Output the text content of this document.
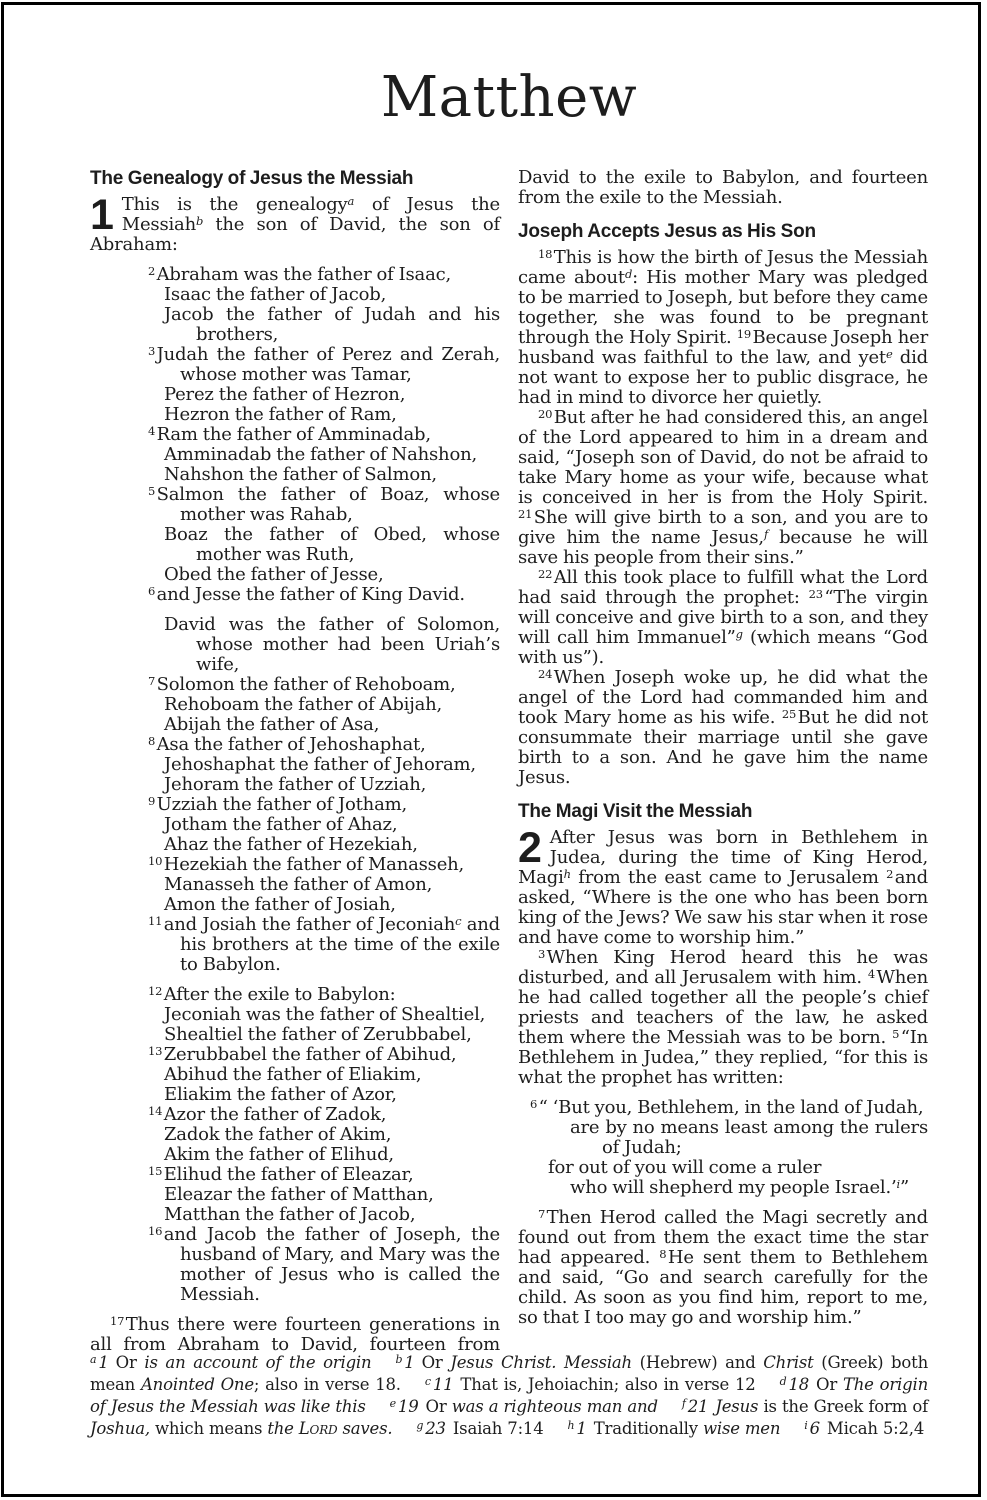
Matthew
The Genealogy of Jesus the Messiah

1 This is the genealogy$^a$ of Jesus the Messiah$^b$ the son of David, the son of Abraham:

$^2$Abraham was the father of Isaac,
Isaac the father of Jacob,
Jacob the father of Judah and his brothers,
$^3$Judah the father of Perez and Zerah, whose mother was Tamar,
Perez the father of Hezron,
Hezron the father of Ram,
$^4$Ram the father of Amminadab,
Amminadab the father of Nahshon,
Nahshon the father of Salmon,
$^5$Salmon the father of Boaz, whose mother was Rahab,
Boaz the father of Obed, whose mother was Ruth,
Obed the father of Jesse,
$^6$and Jesse the father of King David.
David was the father of Solomon, whose mother had been Uriah’s wife,
$^7$Solomon the father of Rehoboam,
Rehoboam the father of Abijah,
Abijah the father of Asa,
$^8$Asa the father of Jehoshaphat,
Jehoshaphat the father of Jehoram,
Jehoram the father of Uzziah,
$^9$Uzziah the father of Jotham,
Jotham the father of Ahaz,
Ahaz the father of Hezekiah,
$^{10}$Hezekiah the father of Manasseh,
Manasseh the father of Amon,
Amon the father of Josiah,
$^{11}$and Josiah the father of Jeconiah$^c$ and his brothers at the time of the exile to Babylon.
$^{12}$After the exile to Babylon:
Jeconiah was the father of Shealtiel,
Shealtiel the father of Zerubbabel,
$^{13}$Zerubbabel the father of Abihud,
Abihud the father of Eliakim,
Eliakim the father of Azor,
$^{14}$Azor the father of Zadok,
Zadok the father of Akim,
Akim the father of Elihud,
$^{15}$Elihud the father of Eleazar,
Eleazar the father of Matthan,
Matthan the father of Jacob,
$^{16}$and Jacob the father of Joseph, the husband of Mary, and Mary was the mother of Jesus who is called the Messiah.

$^{17}$Thus there were fourteen generations in all from Abraham to David, fourteen from

David to the exile to Babylon, and fourteen from the exile to the Messiah.

Joseph Accepts Jesus as His Son

$^{18}$This is how the birth of Jesus the Messiah came about$^d$: His mother Mary was pledged to be married to Joseph, but before they came together, she was found to be pregnant through the Holy Spirit. $^{19}$Because Joseph her husband was faithful to the law, and yet$^e$ did not want to expose her to public disgrace, he had in mind to divorce her quietly.

$^{20}$But after he had considered this, an angel of the Lord appeared to him in a dream and said, “Joseph son of David, do not be afraid to take Mary home as your wife, because what is conceived in her is from the Holy Spirit. $^{21}$She will give birth to a son, and you are to give him the name Jesus,$^f$ because he will save his people from their sins.”

$^{22}$All this took place to fulfill what the Lord had said through the prophet: $^{23}$“The virgin will conceive and give birth to a son, and they will call him Immanuel”$^g$ (which means “God with us”).

$^{24}$When Joseph woke up, he did what the angel of the Lord had commanded him and took Mary home as his wife. $^{25}$But he did not consummate their marriage until she gave birth to a son. And he gave him the name Jesus.

The Magi Visit the Messiah

2 After Jesus was born in Bethlehem in Judea, during the time of King Herod, Magi$^h$ from the east came to Jerusalem $^2$and asked, “Where is the one who has been born king of the Jews? We saw his star when it rose and have come to worship him.”

$^3$When King Herod heard this he was disturbed, and all Jerusalem with him. $^4$When he had called together all the people’s chief priests and teachers of the law, he asked them where the Messiah was to be born. $^5$“In Bethlehem in Judea,” they replied, “for this is what the prophet has written:

$^6$“ ‘But you, Bethlehem, in the land of Judah,
are by no means least among the rulers of Judah;
for out of you will come a ruler
who will shepherd my people Israel.’$^i$”

$^7$Then Herod called the Magi secretly and found out from them the exact time the star had appeared. $^8$He sent them to Bethlehem and said, “Go and search carefully for the child. As soon as you find him, report to me, so that I too may go and worship him.”

$^a$ 1 Or is an account of the origin $^b$ 1 Or Jesus Christ. Messiah (Hebrew) and Christ (Greek) both mean Anointed One; also in verse 18. $^c$ 11 That is, Jehoiachin; also in verse 12 $^d$ 18 Or The origin of Jesus the Messiah was like this $^e$ 19 Or was a righteous man and $^f$ 21 Jesus is the Greek form of Joshua, which means the Lord saves. $^g$ 23 Isaiah 7:14 $^h$ 1 Traditionally wise men $^i$ 6 Micah 5:2,4
